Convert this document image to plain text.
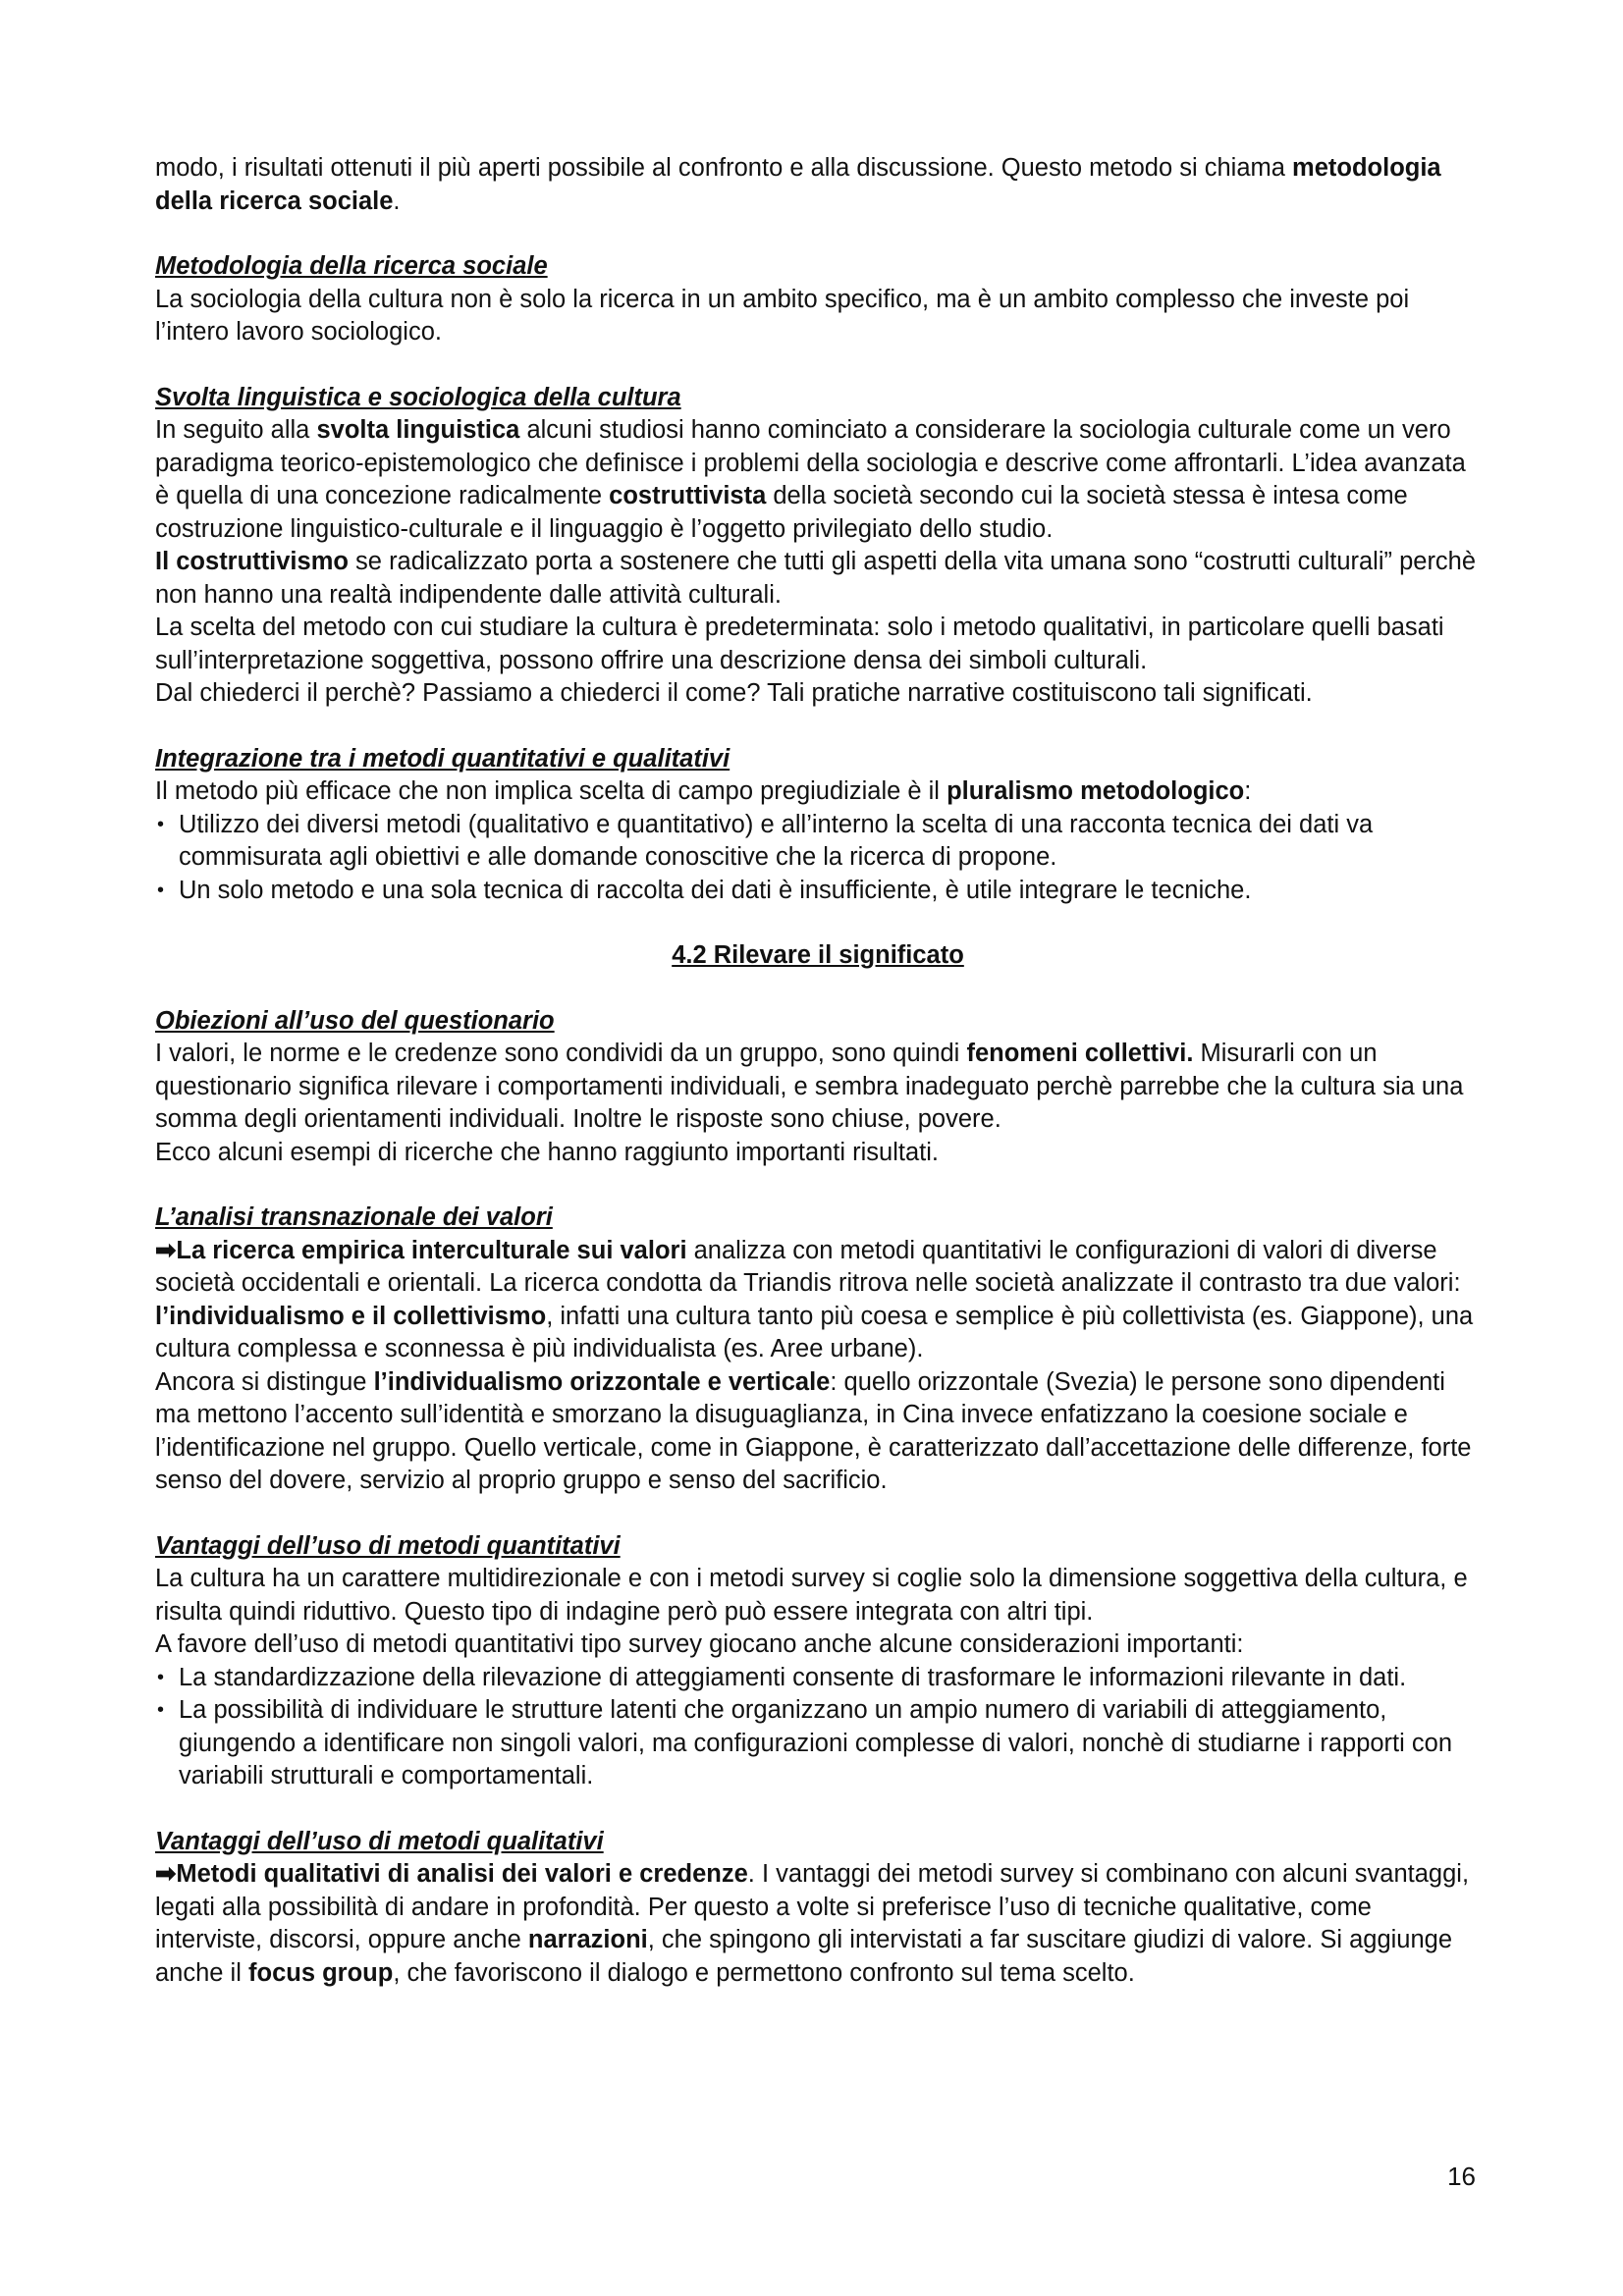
modo, i risultati ottenuti il più aperti possibile al confronto e alla discussione. Questo metodo si chiama metodologia della ricerca sociale.

Metodologia della ricerca sociale

La sociologia della cultura non è solo la ricerca in un ambito specifico, ma è un ambito complesso che investe poi l’intero lavoro sociologico.

Svolta linguistica e sociologica della cultura

In seguito alla svolta linguistica alcuni studiosi hanno cominciato a considerare la sociologia culturale come un vero paradigma teorico-epistemologico che definisce i problemi della sociologia e descrive come affrontarli. L’idea avanzata è quella di una concezione radicalmente costruttivista della società secondo cui la società stessa è intesa come costruzione linguistico-culturale e il linguaggio è l’oggetto privilegiato dello studio.

Il costruttivismo se radicalizzato porta a sostenere che tutti gli aspetti della vita umana sono “costrutti culturali” perchè non hanno una realtà indipendente dalle attività culturali.

La scelta del metodo con cui studiare la cultura è predeterminata: solo i metodo qualitativi, in particolare quelli basati sull’interpretazione soggettiva, possono offrire una descrizione densa dei simboli culturali.

Dal chiederci il perchè? Passiamo a chiederci il come? Tali pratiche narrative costituiscono tali significati.

Integrazione tra i metodi quantitativi e qualitativi

Il metodo più efficace che non implica scelta di campo pregiudiziale è il pluralismo metodologico:

• Utilizzo dei diversi metodi (qualitativo e quantitativo) e all’interno la scelta di una racconta tecnica dei dati va commisurata agli obiettivi e alle domande conoscitive che la ricerca di propone.
• Un solo metodo e una sola tecnica di raccolta dei dati è insufficiente, è utile integrare le tecniche.

4.2 Rilevare il significato

Obiezioni all’uso del questionario

I valori, le norme e le credenze sono condividi da un gruppo, sono quindi fenomeni collettivi. Misurarli con un questionario significa rilevare i comportamenti individuali, e sembra inadeguato perchè parrebbe che la cultura sia una somma degli orientamenti individuali. Inoltre le risposte sono chiuse, povere.

Ecco alcuni esempi di ricerche che hanno raggiunto importanti risultati.

L’analisi transnazionale dei valori

➡La ricerca empirica interculturale sui valori analizza con metodi quantitativi le configurazioni di valori di diverse società occidentali e orientali. La ricerca condotta da Triandis ritrova nelle società analizzate il contrasto tra due valori: l’individualismo e il collettivismo, infatti una cultura tanto più coesa e semplice è più collettivista (es. Giappone), una cultura complessa e sconnessa è più individualista (es. Aree urbane).

Ancora si distingue l’individualismo orizzontale e verticale: quello orizzontale (Svezia) le persone sono dipendenti ma mettono l’accento sull’identità e smorzano la disuguaglianza, in Cina invece enfatizzano la coesione sociale e l’identificazione nel gruppo. Quello verticale, come in Giappone, è caratterizzato dall’accettazione delle differenze, forte senso del dovere, servizio al proprio gruppo e senso del sacrificio.

Vantaggi dell’uso di metodi quantitativi

La cultura ha un carattere multidirezionale e con i metodi survey si coglie solo la dimensione soggettiva della cultura, e risulta quindi riduttivo. Questo tipo di indagine però può essere integrata con altri tipi.

A favore dell’uso di metodi quantitativi tipo survey giocano anche alcune considerazioni importanti:

• La standardizzazione della rilevazione di atteggiamenti consente di trasformare le informazioni rilevante in dati.
• La possibilità di individuare le strutture latenti che organizzano un ampio numero di variabili di atteggiamento, giungendo a identificare non singoli valori, ma configurazioni complesse di valori, nonchè di studiarne i rapporti con variabili strutturali e comportamentali.

Vantaggi dell’uso di metodi qualitativi

➡Metodi qualitativi di analisi dei valori e credenze. I vantaggi dei metodi survey si combinano con alcuni svantaggi, legati alla possibilità di andare in profondità. Per questo a volte si preferisce l’uso di tecniche qualitative, come interviste, discorsi, oppure anche narrazioni, che spingono gli intervistati a far suscitare giudizi di valore. Si aggiunge anche il focus group, che favoriscono il dialogo e permettono confronto sul tema scelto.

16
